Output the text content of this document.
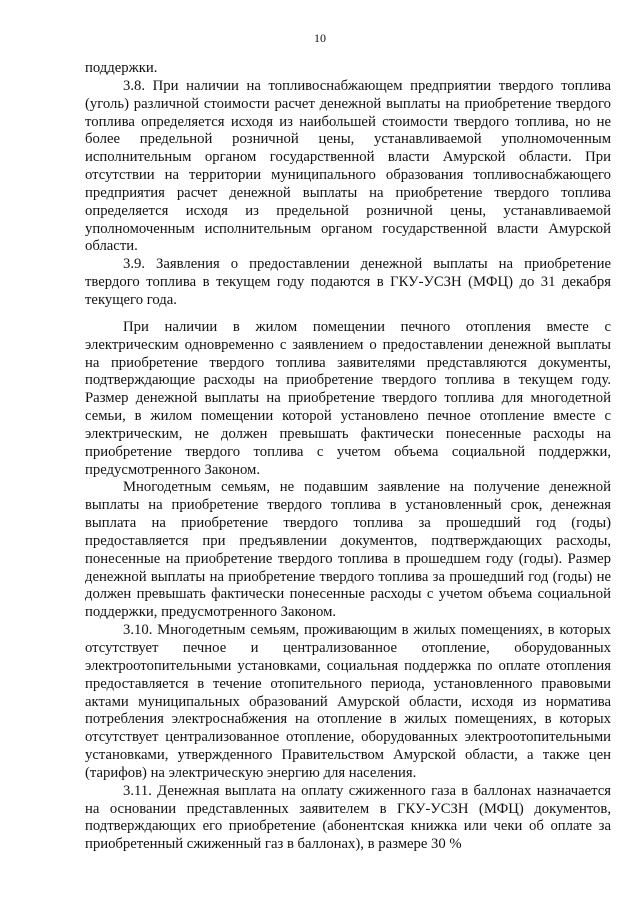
10

поддержки.

3.8. При наличии на топливоснабжающем предприятии твердого топлива (уголь) различной стоимости расчет денежной выплаты на приобретение твердого топлива определяется исходя из наибольшей стоимости твердого топлива, но не более предельной розничной цены, устанавливаемой уполномоченным исполнительным органом государственной власти Амурской области. При отсутствии на территории муниципального образования топливоснабжающего предприятия расчет денежной выплаты на приобретение твердого топлива определяется исходя из предельной розничной цены, устанавливаемой уполномоченным исполнительным органом государственной власти Амурской области.

3.9. Заявления о предоставлении денежной выплаты на приобретение твердого топлива в текущем году подаются в ГКУ-УСЗН (МФЦ) до 31 декабря текущего года.

При наличии в жилом помещении печного отопления вместе с электрическим одновременно с заявлением о предоставлении денежной выплаты на приобретение твердого топлива заявителями представляются документы, подтверждающие расходы на приобретение твердого топлива в текущем году. Размер денежной выплаты на приобретение твердого топлива для многодетной семьи, в жилом помещении которой установлено печное отопление вместе с электрическим, не должен превышать фактически понесенные расходы на приобретение твердого топлива с учетом объема социальной поддержки, предусмотренного Законом.

Многодетным семьям, не подавшим заявление на получение денежной выплаты на приобретение твердого топлива в установленный срок, денежная выплата на приобретение твердого топлива за прошедший год (годы) предоставляется при предъявлении документов, подтверждающих расходы, понесенные на приобретение твердого топлива в прошедшем году (годы). Размер денежной выплаты на приобретение твердого топлива за прошедший год (годы) не должен превышать фактически понесенные расходы с учетом объема социальной поддержки, предусмотренного Законом.

3.10. Многодетным семьям, проживающим в жилых помещениях, в которых отсутствует печное и централизованное отопление, оборудованных электроотопительными установками, социальная поддержка по оплате отопления предоставляется в течение отопительного периода, установленного правовыми актами муниципальных образований Амурской области, исходя из норматива потребления электроснабжения на отопление в жилых помещениях, в которых отсутствует централизованное отопление, оборудованных электроотопительными установками, утвержденного Правительством Амурской области, а также цен (тарифов) на электрическую энергию для населения.

3.11. Денежная выплата на оплату сжиженного газа в баллонах назначается на основании представленных заявителем в ГКУ-УСЗН (МФЦ) документов, подтверждающих его приобретение (абонентская книжка или чеки об оплате за приобретенный сжиженный газ в баллонах), в размере 30 %
